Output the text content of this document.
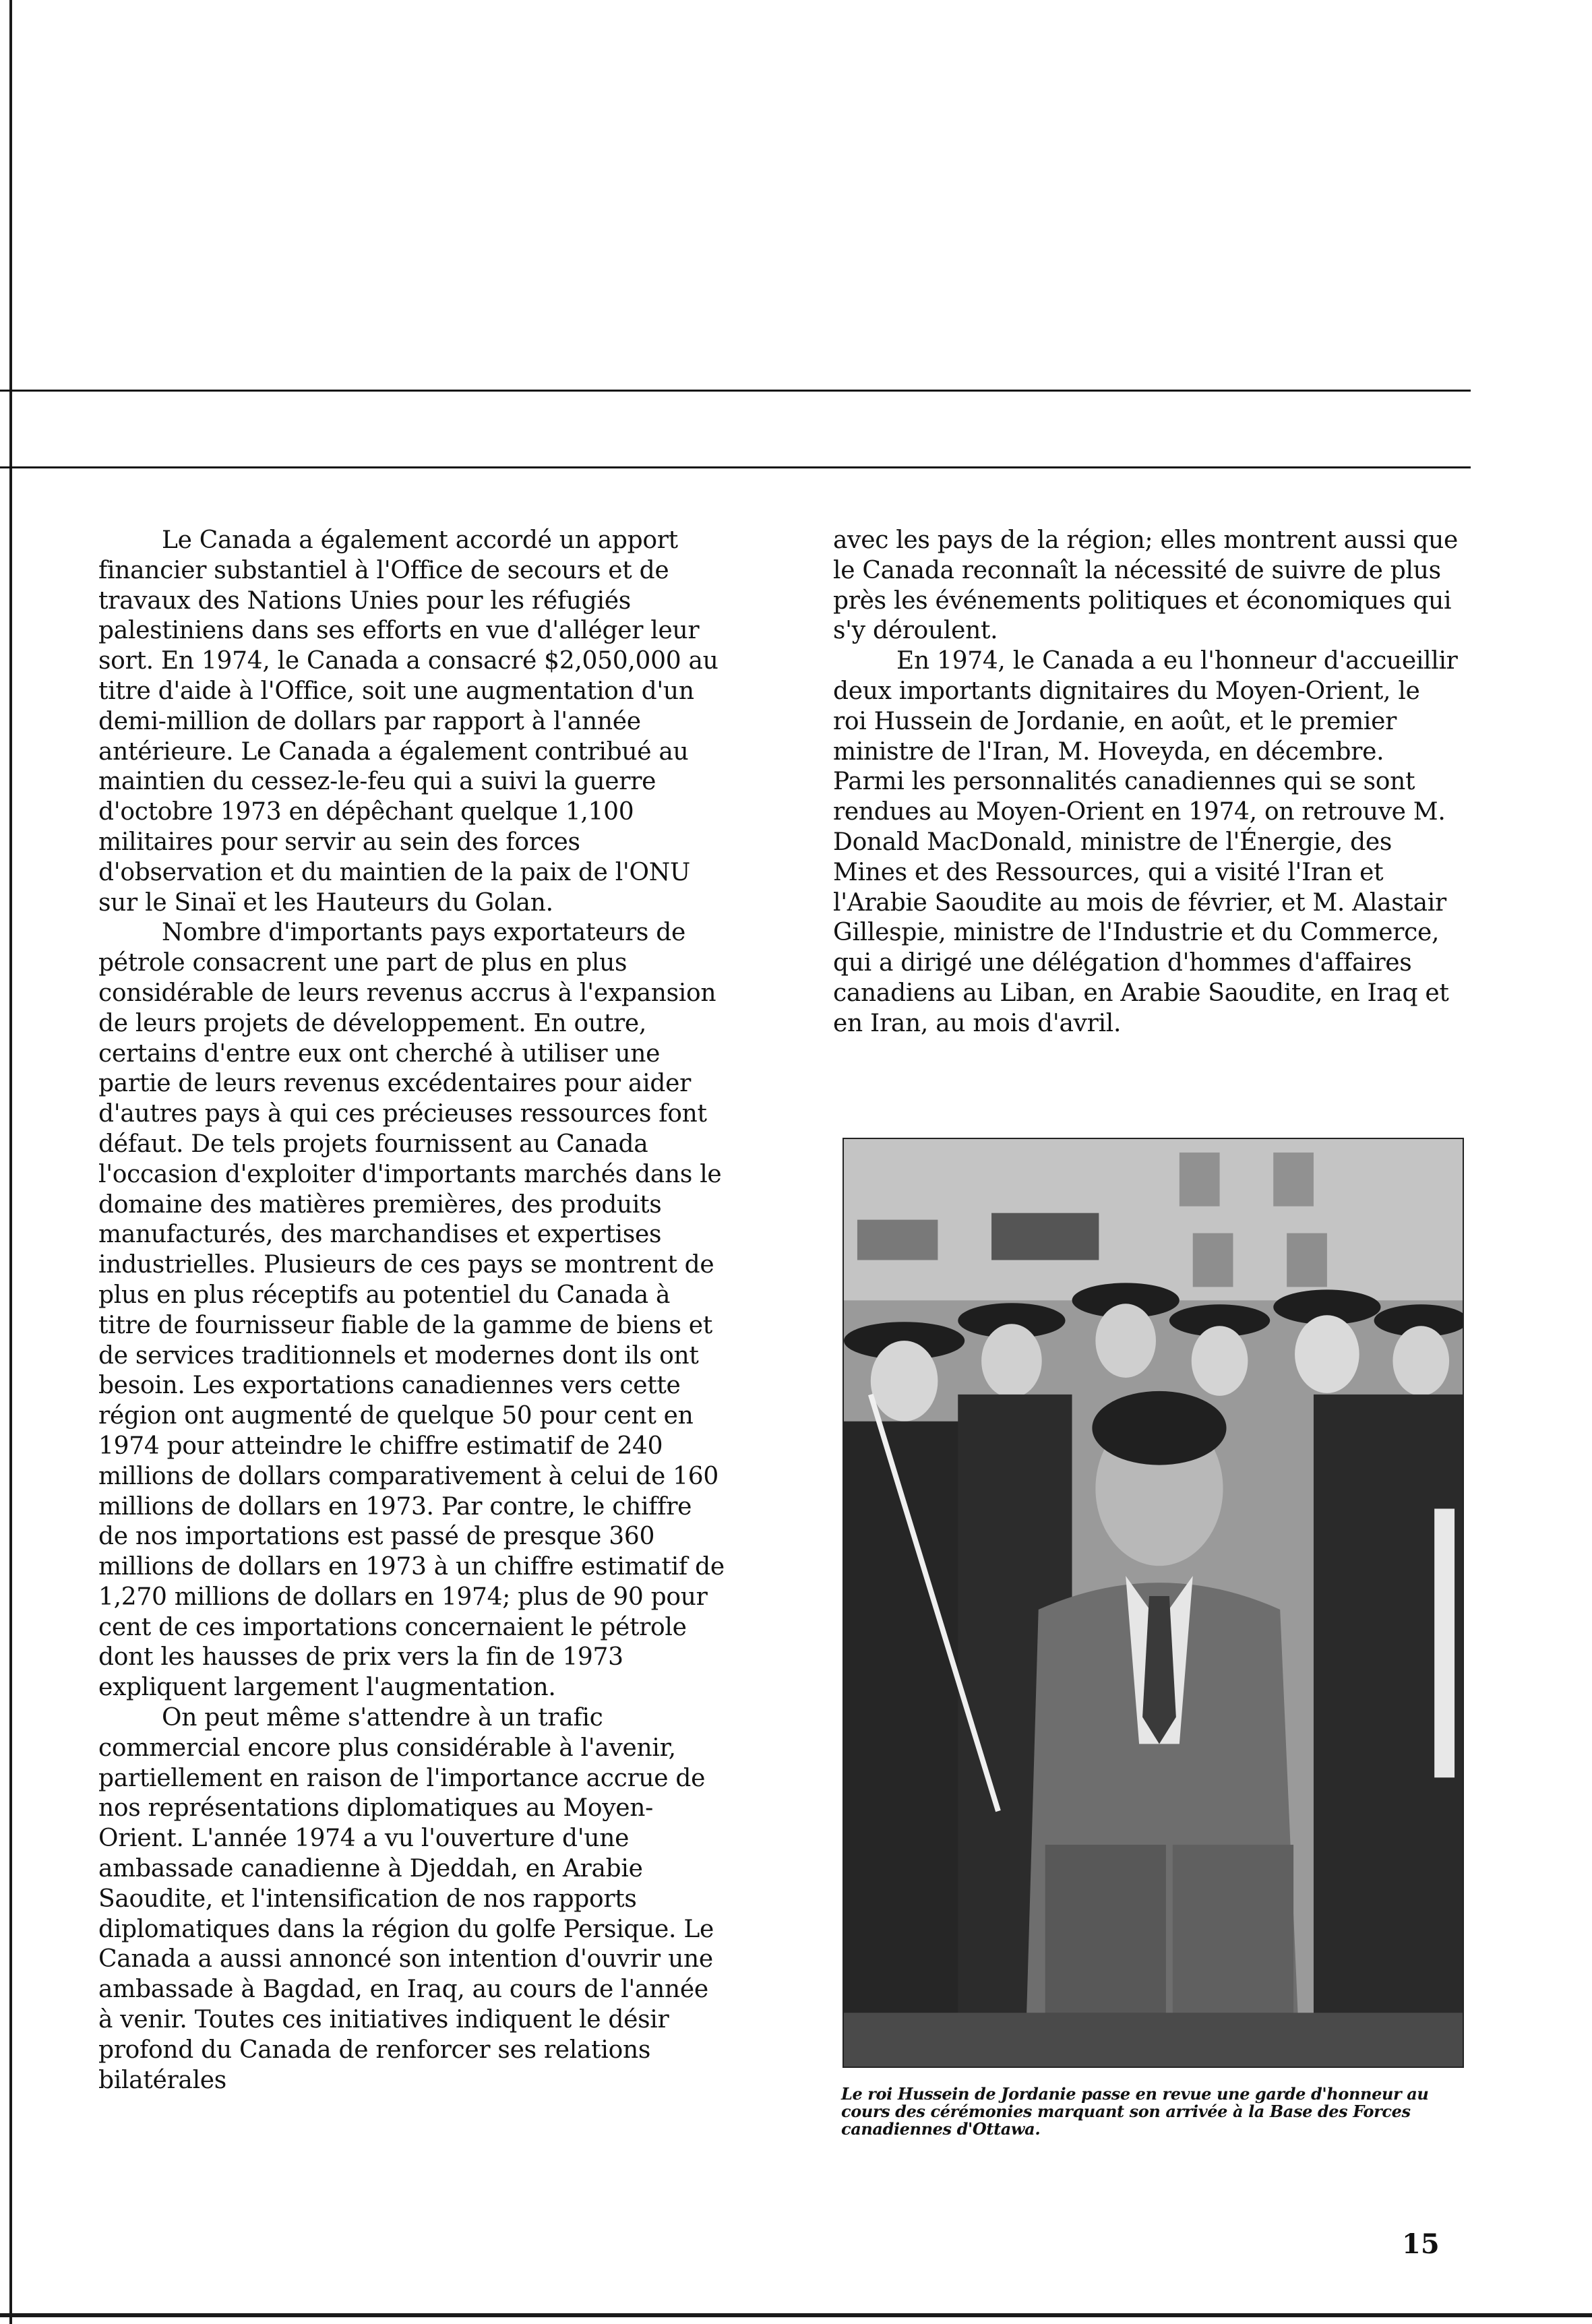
Le Canada a également accordé un apport financier substantiel à l'Office de secours et de travaux des Nations Unies pour les réfugiés palestiniens dans ses efforts en vue d'alléger leur sort. En 1974, le Canada a consacré $2,050,000 au titre d'aide à l'Office, soit une augmentation d'un demi-million de dollars par rapport à l'année antérieure. Le Canada a également contribué au maintien du cessez-le-feu qui a suivi la guerre d'octobre 1973 en dépêchant quelque 1,100 militaires pour servir au sein des forces d'observation et du maintien de la paix de l'ONU sur le Sinaï et les Hauteurs du Golan.

Nombre d'importants pays exportateurs de pétrole consacrent une part de plus en plus considérable de leurs revenus accrus à l'expansion de leurs projets de développement. En outre, certains d'entre eux ont cherché à utiliser une partie de leurs revenus excédentaires pour aider d'autres pays à qui ces précieuses ressources font défaut. De tels projets fournissent au Canada l'occasion d'exploiter d'importants marchés dans le domaine des matières premières, des produits manufacturés, des marchandises et expertises industrielles. Plusieurs de ces pays se montrent de plus en plus réceptifs au potentiel du Canada à titre de fournisseur fiable de la gamme de biens et de services traditionnels et modernes dont ils ont besoin. Les exportations canadiennes vers cette région ont augmenté de quelque 50 pour cent en 1974 pour atteindre le chiffre estimatif de 240 millions de dollars comparativement à celui de 160 millions de dollars en 1973. Par contre, le chiffre de nos importations est passé de presque 360 millions de dollars en 1973 à un chiffre estimatif de 1,270 millions de dollars en 1974; plus de 90 pour cent de ces importations concernaient le pétrole dont les hausses de prix vers la fin de 1973 expliquent largement l'augmentation.

On peut même s'attendre à un trafic commercial encore plus considérable à l'avenir, partiellement en raison de l'importance accrue de nos représentations diplomatiques au Moyen-Orient. L'année 1974 a vu l'ouverture d'une ambassade canadienne à Djeddah, en Arabie Saoudite, et l'intensification de nos rapports diplomatiques dans la région du golfe Persique. Le Canada a aussi annoncé son intention d'ouvrir une ambassade à Bagdad, en Iraq, au cours de l'année à venir. Toutes ces initiatives indiquent le désir profond du Canada de renforcer ses relations bilatérales

avec les pays de la région; elles montrent aussi que le Canada reconnaît la nécessité de suivre de plus près les événements politiques et économiques qui s'y déroulent.

En 1974, le Canada a eu l'honneur d'accueillir deux importants dignitaires du Moyen-Orient, le roi Hussein de Jordanie, en août, et le premier ministre de l'Iran, M. Hoveyda, en décembre. Parmi les personnalités canadiennes qui se sont rendues au Moyen-Orient en 1974, on retrouve M. Donald MacDonald, ministre de l'Énergie, des Mines et des Ressources, qui a visité l'Iran et l'Arabie Saoudite au mois de février, et M. Alastair Gillespie, ministre de l'Industrie et du Commerce, qui a dirigé une délégation d'hommes d'affaires canadiens au Liban, en Arabie Saoudite, en Iraq et en Iran, au mois d'avril.

Le roi Hussein de Jordanie passe en revue une garde d'honneur au cours des cérémonies marquant son arrivée à la Base des Forces canadiennes d'Ottawa.
15
